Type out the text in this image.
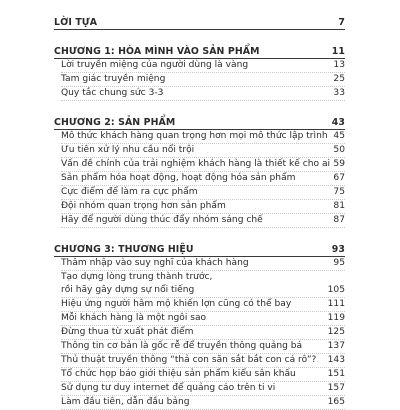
LỜI TỰA	7
CHƯƠNG 1: HÒA MÌNH VÀO SẢN PHẨM	11
Lời truyền miệng của người dùng là vàng	13
Tam giác truyền miệng	25
Quy tắc chung sức 3-3	33
CHƯƠNG 2: SẢN PHẨM	43
Mô thức khách hàng quan trọng hơn mọi mô thức lập trình 45
Ưu tiên xử lý nhu cầu nổi trội	50
Vấn đề chính của trải nghiệm khách hàng là thiết kế cho ai 59
Sản phẩm hóa hoạt động, hoạt động hóa sản phẩm	67
Cực điểm để làm ra cực phẩm	75
Đội nhóm quan trọng hơn sản phẩm	81
Hãy để người dùng thúc đẩy nhóm sáng chế	87
CHƯƠNG 3: THƯƠNG HIỆU	93
Thâm nhập vào suy nghĩ của khách hàng	95
Tạo dựng lòng trung thành trước,
rồi hãy gây dựng sự nổi tiếng	105
Hiệu ứng người hâm mộ khiến lợn cũng có thể bay	111
Mỗi khách hàng là một ngôi sao	119
Đừng thua từ xuất phát điểm	125
Thông tin cơ bản là gốc rễ để truyền thông quảng bá	137
Thủ thuật truyền thông “thả con săn sắt bắt con cá rô”?	143
Tổ chức họp báo giới thiệu sản phẩm kiểu sân khấu	151
Sử dụng tư duy internet để quảng cáo trên ti vi	157
Làm đầu tiên, dẫn đầu bảng	165
